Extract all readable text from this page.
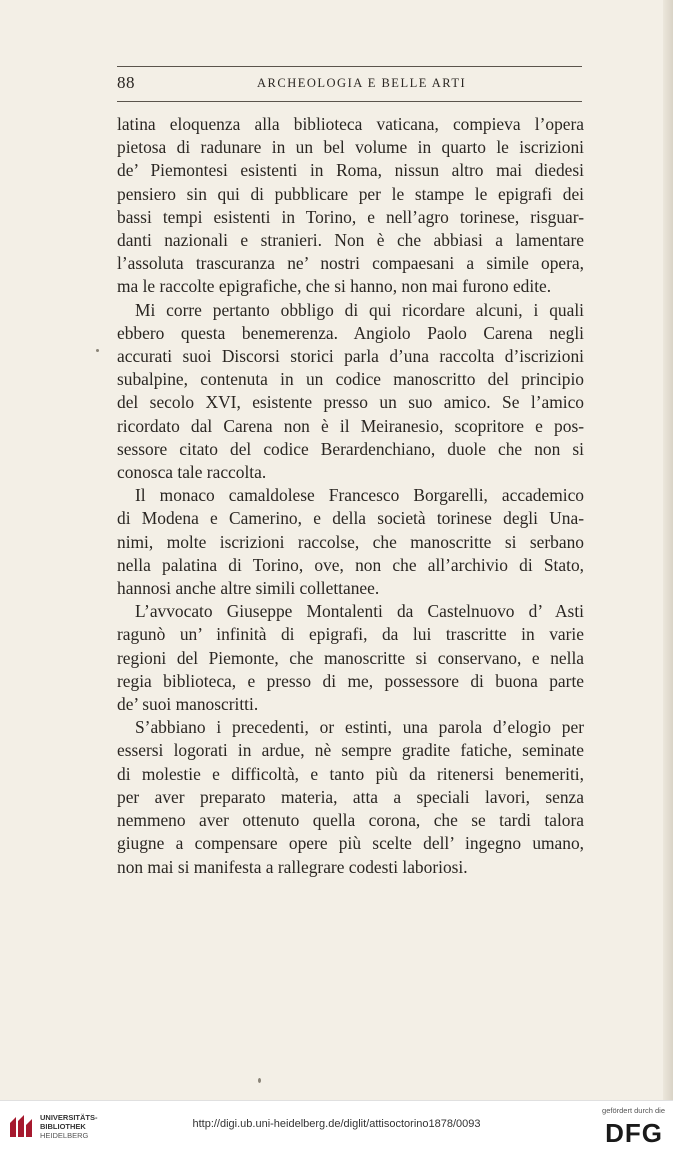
88	ARCHEOLOGIA E BELLE ARTI
latina eloquenza alla biblioteca vaticana, compieva l’opera
pietosa di radunare in un bel volume in quarto le iscrizioni
de’ Piemontesi esistenti in Roma, nissun altro mai diedesi
pensiero sin qui di pubblicare per le stampe le epigrafi dei
bassi tempi esistenti in Torino, e nell’agro torinese, risguar-
danti nazionali e stranieri. Non è che abbiasi a lamentare
l’assoluta trascuranza ne’ nostri compaesani a simile opera,
ma le raccolte epigrafiche, che si hanno, non mai furono edite.
Mi corre pertanto obbligo di qui ricordare alcuni, i quali
ebbero questa benemerenza. Angiolo Paolo Carena negli
accurati suoi Discorsi storici parla d’una raccolta d’iscrizioni
subalpine, contenuta in un codice manoscritto del principio
del secolo XVI, esistente presso un suo amico. Se l’amico
ricordato dal Carena non è il Meiranesio, scopritore e pos-
sessore citato del codice Berardenchiano, duole che non si
conosca tale raccolta.
Il monaco camaldolese Francesco Borgarelli, accademico
di Modena e Camerino, e della società torinese degli Una-
nimi, molte iscrizioni raccolse, che manoscritte si serbano
nella palatina di Torino, ove, non che all’archivio di Stato,
hannosi anche altre simili collettanee.
L’avvocato Giuseppe Montalenti da Castelnuovo d’ Asti
ragunò un’ infinità di epigrafi, da lui trascritte in varie
regioni del Piemonte, che manoscritte si conservano, e nella
regia biblioteca, e presso di me, possessore di buona parte
de’ suoi manoscritti.
S’abbiano i precedenti, or estinti, una parola d’elogio per
essersi logorati in ardue, nè sempre gradite fatiche, seminate
di molestie e difficoltà, e tanto più da ritenersi benemeriti,
per aver preparato materia, atta a speciali lavori, senza
nemmeno aver ottenuto quella corona, che se tardi talora
giugne a compensare opere più scelte dell’ ingegno umano,
non mai si manifesta a rallegrare codesti laboriosi.
UNIVERSITÄTS-
BIBLIOTHEK
HEIDELBERG
http://digi.ub.uni-heidelberg.de/diglit/attisoctorino1878/0093
gefördert durch die
DFG
